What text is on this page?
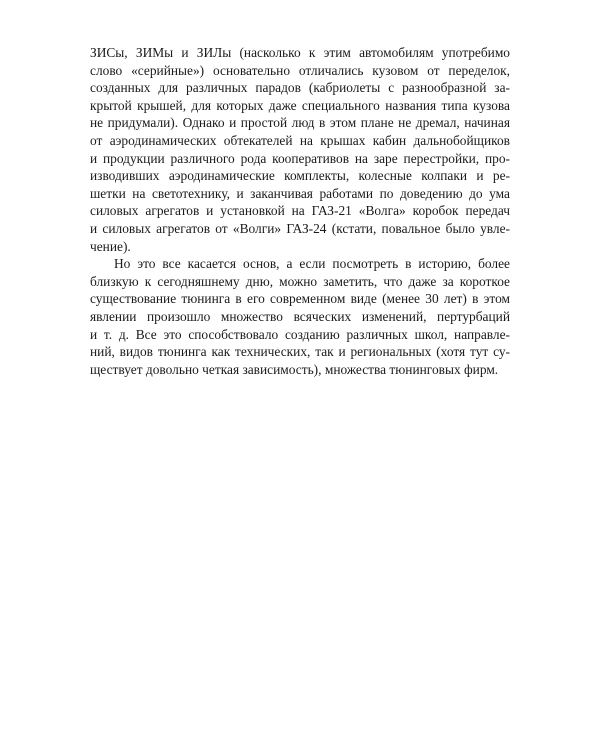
ЗИСы, ЗИМы и ЗИЛы (насколько к этим автомобилям употребимо
слово «серийные») основательно отличались кузовом от переделок,
созданных для различных парадов (кабриолеты с разнообразной за-
крытой крышей, для которых даже специального названия типа кузова
не придумали). Однако и простой люд в этом плане не дремал, начиная
от аэродинамических обтекателей на крышах кабин дальнобойщиков
и продукции различного рода кооперативов на заре перестройки, про-
изводивших аэродинамические комплекты, колесные колпаки и ре-
шетки на светотехнику, и заканчивая работами по доведению до ума
силовых агрегатов и установкой на ГАЗ-21 «Волга» коробок передач
и силовых агрегатов от «Волги» ГАЗ-24 (кстати, повальное было увле-
чение).
Но это все касается основ, а если посмотреть в историю, более
близкую к сегодняшнему дню, можно заметить, что даже за короткое
существование тюнинга в его современном виде (менее 30 лет) в этом
явлении произошло множество всяческих изменений, пертурбаций
и т. д. Все это способствовало созданию различных школ, направле-
ний, видов тюнинга как технических, так и региональных (хотя тут су-
ществует довольно четкая зависимость), множества тюнинговых фирм.
